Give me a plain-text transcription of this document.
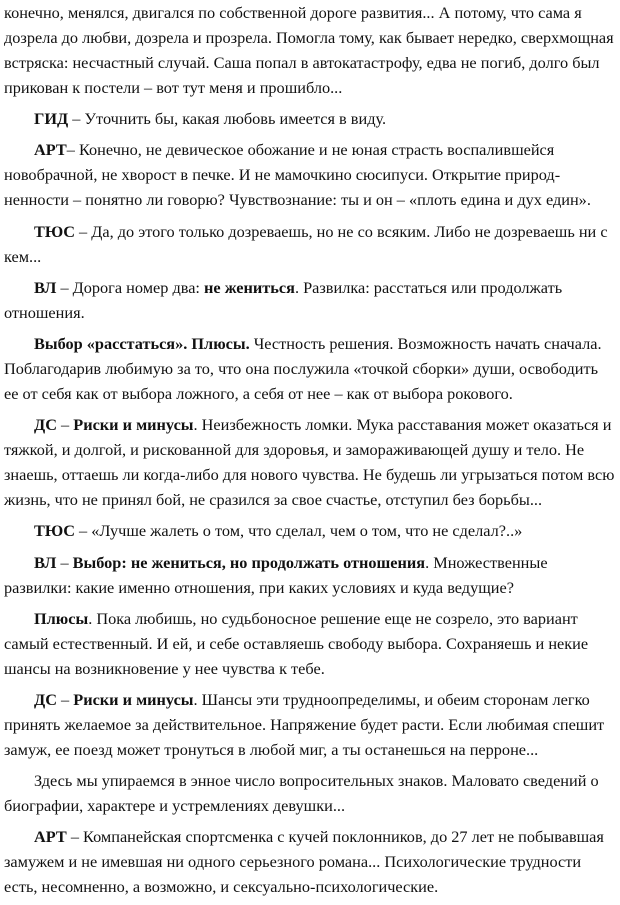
конечно, менялся, двигался по собственной дороге развития... А потому, что сама я дозрела до любви, дозрела и прозрела. Помогла тому, как бывает нередко, сверхмощная встряска: несчастный случай. Саша попал в автокатастрофу, едва не погиб, долго был прикован к постели – вот тут меня и прошибло...

ГИД – Уточнить бы, какая любовь имеется в виду.

АРТ– Конечно, не девическое обожание и не юная страсть воспалившейся новобрачной, не хворост в печке. И не мамочкино сюсипуси. Открытие природ-ненности – понятно ли говорю? Чувствознание: ты и он – «плоть едина и дух един».

ТЮС – Да, до этого только дозреваешь, но не со всяким. Либо не дозреваешь ни с кем...

ВЛ – Дорога номер два: не жениться. Развилка: расстаться или продолжать отношения.

Выбор «расстаться». Плюсы. Честность решения. Возможность начать сначала. Поблагодарив любимую за то, что она послужила «точкой сборки» души, освободить ее от себя как от выбора ложного, а себя от нее – как от выбора рокового.

ДС – Риски и минусы. Неизбежность ломки. Мука расставания может оказаться и тяжкой, и долгой, и рискованной для здоровья, и замораживающей душу и тело. Не знаешь, оттаешь ли когда-либо для нового чувства. Не будешь ли угрызаться потом всю жизнь, что не принял бой, не сразился за свое счастье, отступил без борьбы...

ТЮС – «Лучше жалеть о том, что сделал, чем о том, что не сделал?..»

ВЛ – Выбор: не жениться, но продолжать отношения. Множественные развилки: какие именно отношения, при каких условиях и куда ведущие?

Плюсы. Пока любишь, но судьбоносное решение еще не созрело, это вариант самый естественный. И ей, и себе оставляешь свободу выбора. Сохраняешь и некие шансы на возникновение у нее чувства к тебе.

ДС – Риски и минусы. Шансы эти трудноопределимы, и обеим сторонам легко принять желаемое за действительное. Напряжение будет расти. Если любимая спешит замуж, ее поезд может тронуться в любой миг, а ты останешься на перроне...

Здесь мы упираемся в энное число вопросительных знаков. Маловато сведений о биографии, характере и устремлениях девушки...

АРТ – Компанейская спортсменка с кучей поклонников, до 27 лет не побывавшая замужем и не имевшая ни одного серьезного романа... Психологические трудности есть, несомненно, а возможно, и сексуально-психологические.
